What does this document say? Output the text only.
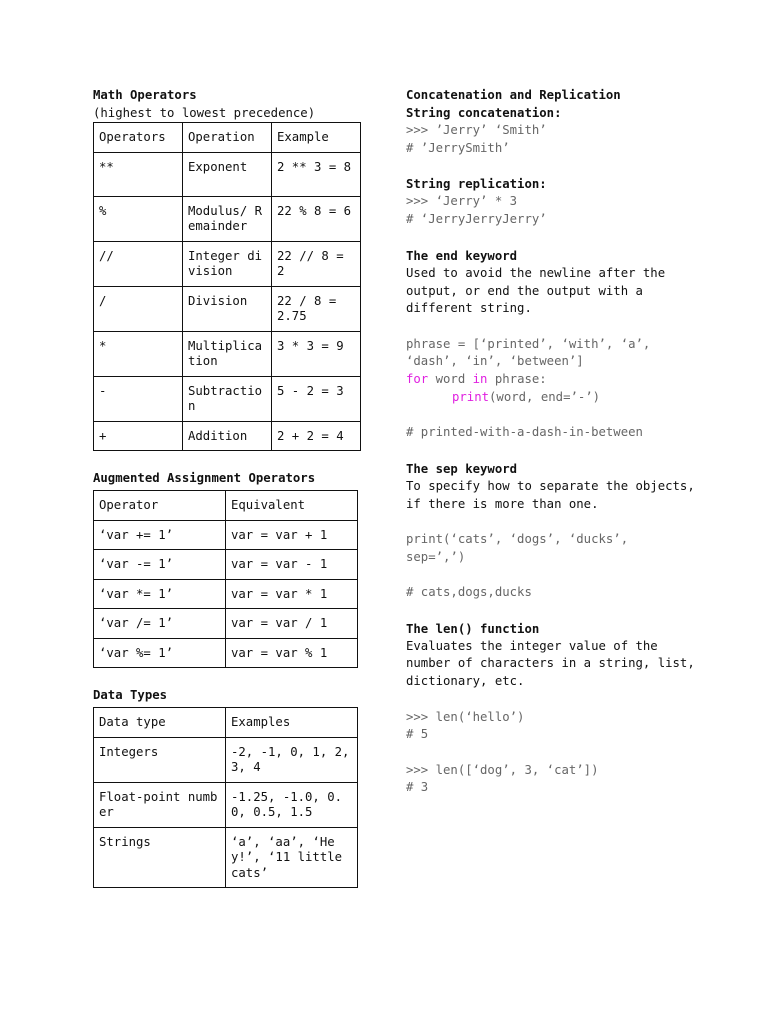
Math Operators
(highest to lowest precedence)
Operators	Operation	Example
**	Exponent	2 ** 3 = 8
%	Modulus/ Remainder	22 % 8 = 6
//	Integer division	22 // 8 = 2
/	Division	22 / 8 = 2.75
*	Multiplication	3 * 3 = 9
-	Subtraction	5 - 2 = 3
+	Addition	2 + 2 = 4
Augmented Assignment Operators
Operator	Equivalent
‘var += 1’	var = var + 1
‘var -= 1’	var = var - 1
‘var *= 1’	var = var * 1
‘var /= 1’	var = var / 1
‘var %= 1’	var = var % 1
Data Types
Data type	Examples
Integers	-2, -1, 0, 1, 2, 3, 4
Float-point number	-1.25, -1.0, 0.0, 0.5, 1.5
Strings	‘a’, ‘aa’, ‘Hey!’, ‘11 little cats’
Concatenation and Replication
String concatenation:
>>> ’Jerry’ ‘Smith’
# ’JerrySmith’
String replication:
>>> ‘Jerry’ * 3
# ‘JerryJerryJerry’
The end keyword
Used to avoid the newline after the output, or end the output with a different string.
phrase = [‘printed’, ‘with’, ‘a’,
‘dash’, ‘in’, ‘between’]
for word in phrase:
print(word, end=’-’)
# printed-with-a-dash-in-between
The sep keyword
To specify how to separate the objects, if there is more than one.
print(‘cats’, ‘dogs’, ‘ducks’,
sep=’,’)
# cats,dogs,ducks
The len() function
Evaluates the integer value of the number of characters in a string, list, dictionary, etc.
>>> len(‘hello’)
# 5
>>> len([‘dog’, 3, ‘cat’])
# 3
